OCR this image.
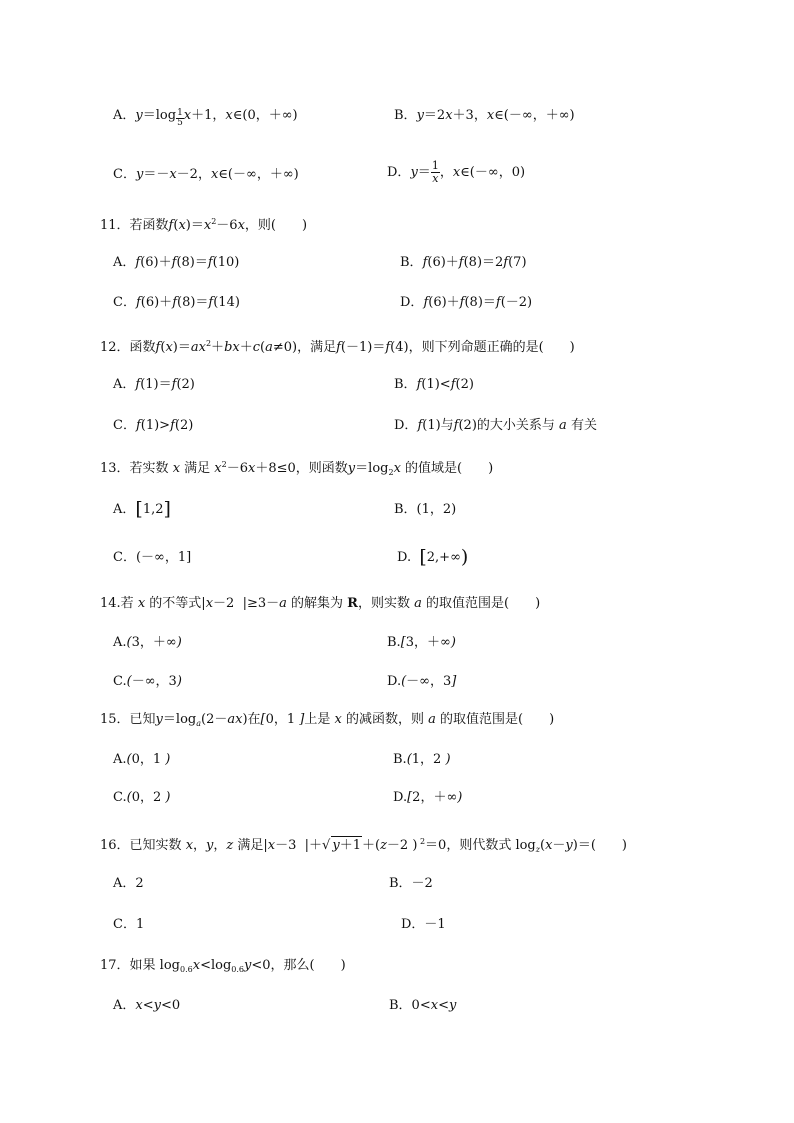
A．$y=\log \frac{1}{5} x+1$，x∈(0，＋∞)	B．y＝2x＋3，x∈(－∞，＋∞)
C．y＝－x－2，x∈(－∞，＋∞)	D．$y= \frac{1}{x}$ ，x∈(－∞，0)
11．若函数$f(x)=x^2-6x$，则(　　)
A．f(6)＋f(8)＝f(10)	B．f(6)＋f(8)＝2f(7)
C．f(6)＋f(8)＝f(14)	D．f(6)＋f(8)＝f(－2)
12．函数$f(x)=ax^2+bx+c(a\ne 0)$，满足f(－1)＝f(4)，则下列命题正确的是(　　)
A．f(1)＝f(2)	B．f(1)<f(2)
C．f(1)>f(2)	D．f(1)与f(2)的大小关系与 a 有关
13．若实数 x 满足 $x^2-6x+8\le 0$，则函数$y=\log_2x$ 的值域是(　　)
A．[1,2]	B．(1，2)
C．(－∞，1]	D.  [2,+∞)
14.若 x 的不等式|x－2  |≥3－a 的解集为 R，则实数 a 的取值范围是(　　)
A.(3，＋∞)	B.[3，＋∞)
C.(－∞，3)	D.(－∞，3]
15．已知$y=\log_a(2-ax)$在[0，1 ]上是 x 的减函数，则 a 的取值范围是(　　)
A.(0，1 )	B.(1，2 )
C.(0，2 )	D.[2，＋∞)
16．已知实数 x，y，z 满足|x－3  |＋√ y＋1＋(z－2 ) $^2$＝0，则代数式 $\log_z(x-y)=$(　　)
A．2	B．－2
C．1	D．－1
17．如果 $\log_{0.6}x<\log_{0.6}y<0$，那么(　　)
A．x<y<0	B．0<x<y
